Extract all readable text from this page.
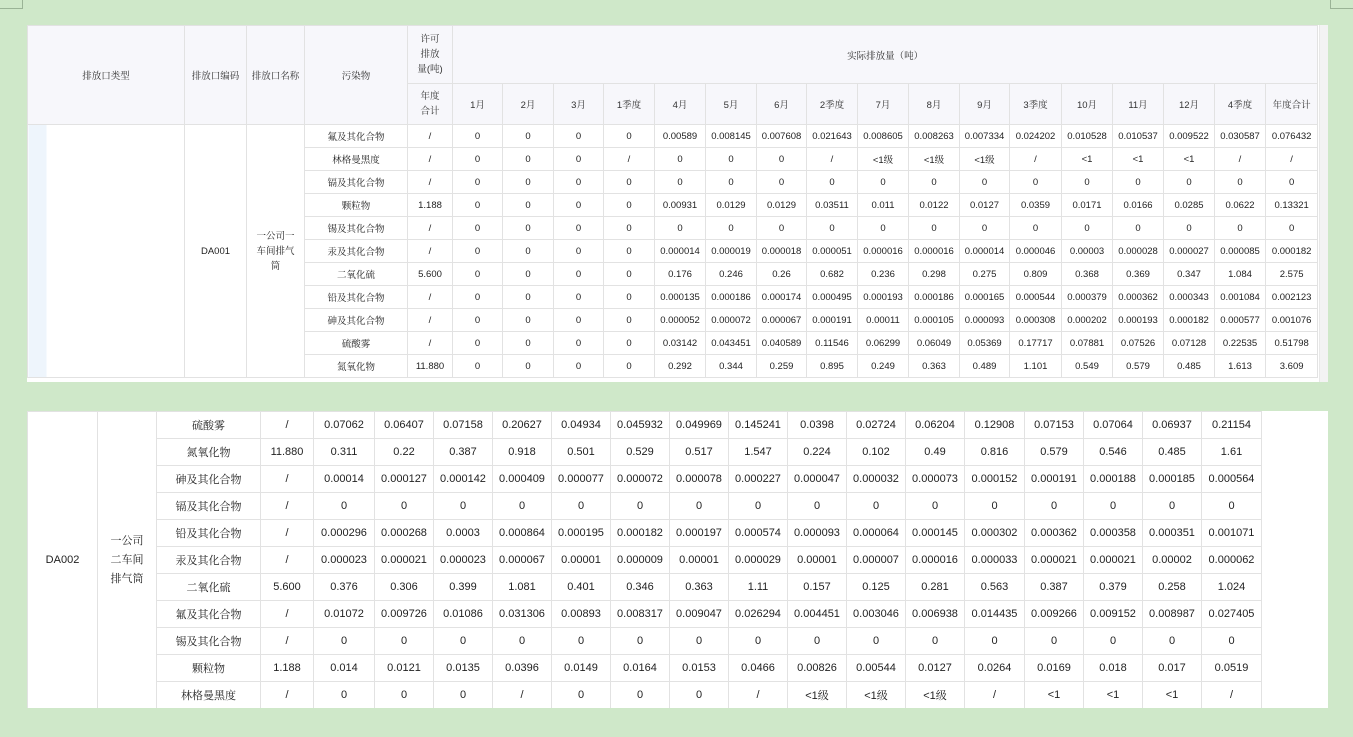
排放口类型	排放口编码	排放口名称	污染物	许可排放量(吨)	实际排放量（吨）																
				年度合计	1月	2月	3月	1季度	4月	5月	6月	2季度	7月	8月	9月	3季度	10月	11月	12月	4季度	年度合计
	DA001	一公司一车间排气筒	氟及其化合物	/	0	0	0	0	0.00589	0.008145	0.007608	0.021643	0.008605	0.008263	0.007334	0.024202	0.010528	0.010537	0.009522	0.030587	0.076432
			林格曼黑度	/	0	0	0	/	0	0	0	/	<1级	<1级	<1级	/	<1	<1	<1	/	/
			镉及其化合物	/	0	0	0	0	0	0	0	0	0	0	0	0	0	0	0	0	0
			颗粒物	1.188	0	0	0	0	0.00931	0.0129	0.0129	0.03511	0.011	0.0122	0.0127	0.0359	0.0171	0.0166	0.0285	0.0622	0.13321
			锡及其化合物	/	0	0	0	0	0	0	0	0	0	0	0	0	0	0	0	0	0
			汞及其化合物	/	0	0	0	0	0.000014	0.000019	0.000018	0.000051	0.000016	0.000016	0.000014	0.000046	0.00003	0.000028	0.000027	0.000085	0.000182
			二氧化硫	5.600	0	0	0	0	0.176	0.246	0.26	0.682	0.236	0.298	0.275	0.809	0.368	0.369	0.347	1.084	2.575
			铅及其化合物	/	0	0	0	0	0.000135	0.000186	0.000174	0.000495	0.000193	0.000186	0.000165	0.000544	0.000379	0.000362	0.000343	0.001084	0.002123
			砷及其化合物	/	0	0	0	0	0.000052	0.000072	0.000067	0.000191	0.00011	0.000105	0.000093	0.000308	0.000202	0.000193	0.000182	0.000577	0.001076
			硫酸雾	/	0	0	0	0	0.03142	0.043451	0.040589	0.11546	0.06299	0.06049	0.05369	0.17717	0.07881	0.07526	0.07128	0.22535	0.51798
			氮氧化物	11.880	0	0	0	0	0.292	0.344	0.259	0.895	0.249	0.363	0.489	1.101	0.549	0.579	0.485	1.613	3.609
DA002	一公司二车间排气筒	硫酸雾	/	0.07062	0.06407	0.07158	0.20627	0.04934	0.045932	0.049969	0.145241	0.0398	0.02724	0.06204	0.12908	0.07153	0.07064	0.06937	0.21154	
		氮氧化物	11.880	0.311	0.22	0.387	0.918	0.501	0.529	0.517	1.547	0.224	0.102	0.49	0.816	0.579	0.546	0.485	1.61	
		砷及其化合物	/	0.00014	0.000127	0.000142	0.000409	0.000077	0.000072	0.000078	0.000227	0.000047	0.000032	0.000073	0.000152	0.000191	0.000188	0.000185	0.000564	
		镉及其化合物	/	0	0	0	0	0	0	0	0	0	0	0	0	0	0	0	0	
		铅及其化合物	/	0.000296	0.000268	0.0003	0.000864	0.000195	0.000182	0.000197	0.000574	0.000093	0.000064	0.000145	0.000302	0.000362	0.000358	0.000351	0.001071	
		汞及其化合物	/	0.000023	0.000021	0.000023	0.000067	0.00001	0.000009	0.00001	0.000029	0.00001	0.000007	0.000016	0.000033	0.000021	0.000021	0.00002	0.000062	
		二氧化硫	5.600	0.376	0.306	0.399	1.081	0.401	0.346	0.363	1.11	0.157	0.125	0.281	0.563	0.387	0.379	0.258	1.024	
		氟及其化合物	/	0.01072	0.009726	0.01086	0.031306	0.00893	0.008317	0.009047	0.026294	0.004451	0.003046	0.006938	0.014435	0.009266	0.009152	0.008987	0.027405	
		锡及其化合物	/	0	0	0	0	0	0	0	0	0	0	0	0	0	0	0	0	
		颗粒物	1.188	0.014	0.0121	0.0135	0.0396	0.0149	0.0164	0.0153	0.0466	0.00826	0.00544	0.0127	0.0264	0.0169	0.018	0.017	0.0519	
		林格曼黑度	/	0	0	0	/	0	0	0	/	<1级	<1级	<1级	/	<1	<1	<1	/	
